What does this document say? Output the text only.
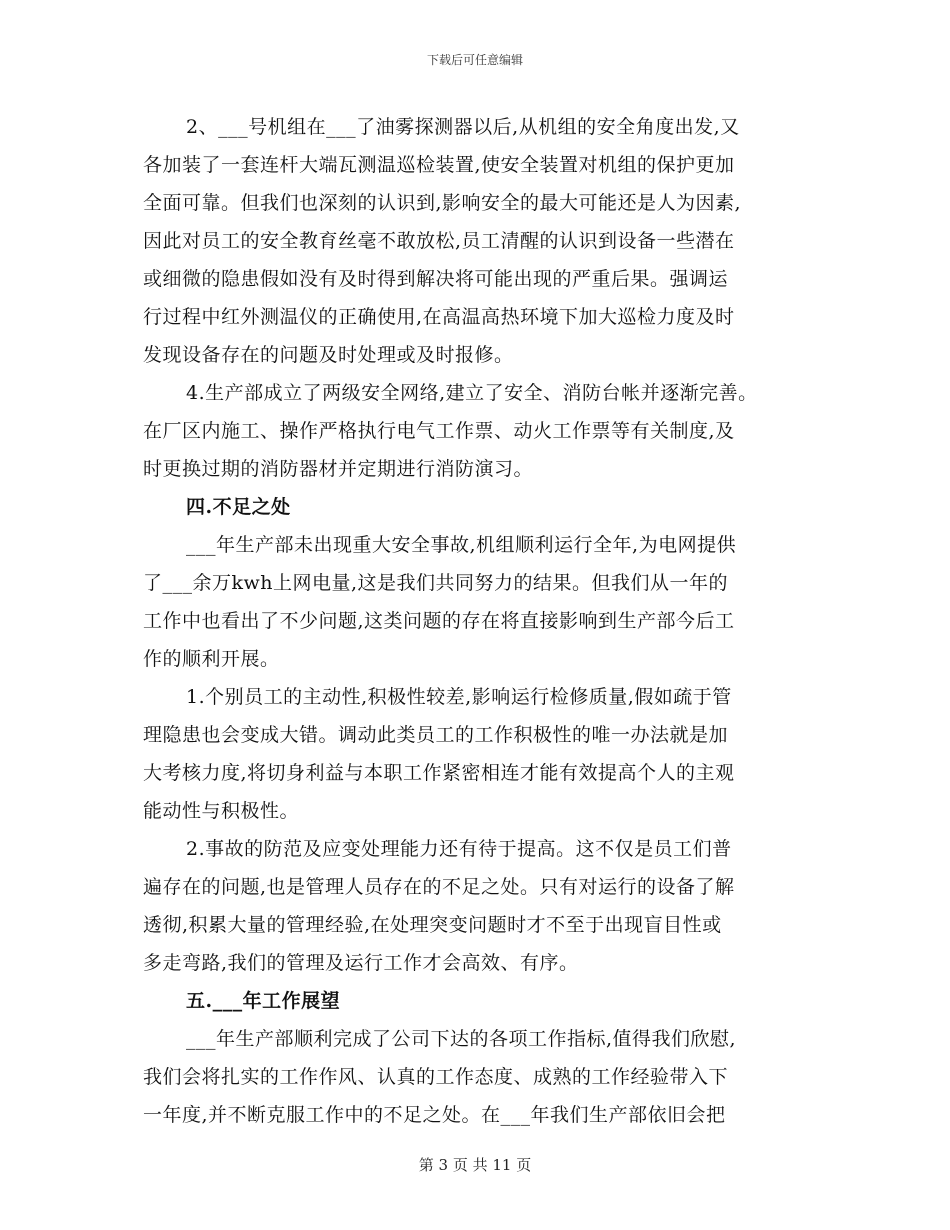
下载后可任意编辑
2、___号机组在___了油雾探测器以后,从机组的安全角度出发,又
各加装了一套连杆大端瓦测温巡检装置,使安全装置对机组的保护更加
全面可靠。但我们也深刻的认识到,影响安全的最大可能还是人为因素,
因此对员工的安全教育丝毫不敢放松,员工清醒的认识到设备一些潜在
或细微的隐患假如没有及时得到解决将可能出现的严重后果。强调运
行过程中红外测温仪的正确使用,在高温高热环境下加大巡检力度及时
发现设备存在的问题及时处理或及时报修。
4.生产部成立了两级安全网络,建立了安全、消防台帐并逐渐完善。
在厂区内施工、操作严格执行电气工作票、动火工作票等有关制度,及
时更换过期的消防器材并定期进行消防演习。
四.不足之处
___年生产部未出现重大安全事故,机组顺利运行全年,为电网提供
了___余万kwh上网电量,这是我们共同努力的结果。但我们从一年的
工作中也看出了不少问题,这类问题的存在将直接影响到生产部今后工
作的顺利开展。
1.个别员工的主动性,积极性较差,影响运行检修质量,假如疏于管
理隐患也会变成大错。调动此类员工的工作积极性的唯一办法就是加
大考核力度,将切身利益与本职工作紧密相连才能有效提高个人的主观
能动性与积极性。
2.事故的防范及应变处理能力还有待于提高。这不仅是员工们普
遍存在的问题,也是管理人员存在的不足之处。只有对运行的设备了解
透彻,积累大量的管理经验,在处理突变问题时才不至于出现盲目性或
多走弯路,我们的管理及运行工作才会高效、有序。
五.___年工作展望
___年生产部顺利完成了公司下达的各项工作指标,值得我们欣慰,
我们会将扎实的工作作风、认真的工作态度、成熟的工作经验带入下
一年度,并不断克服工作中的不足之处。在___年我们生产部依旧会把
第 3 页 共 11 页
